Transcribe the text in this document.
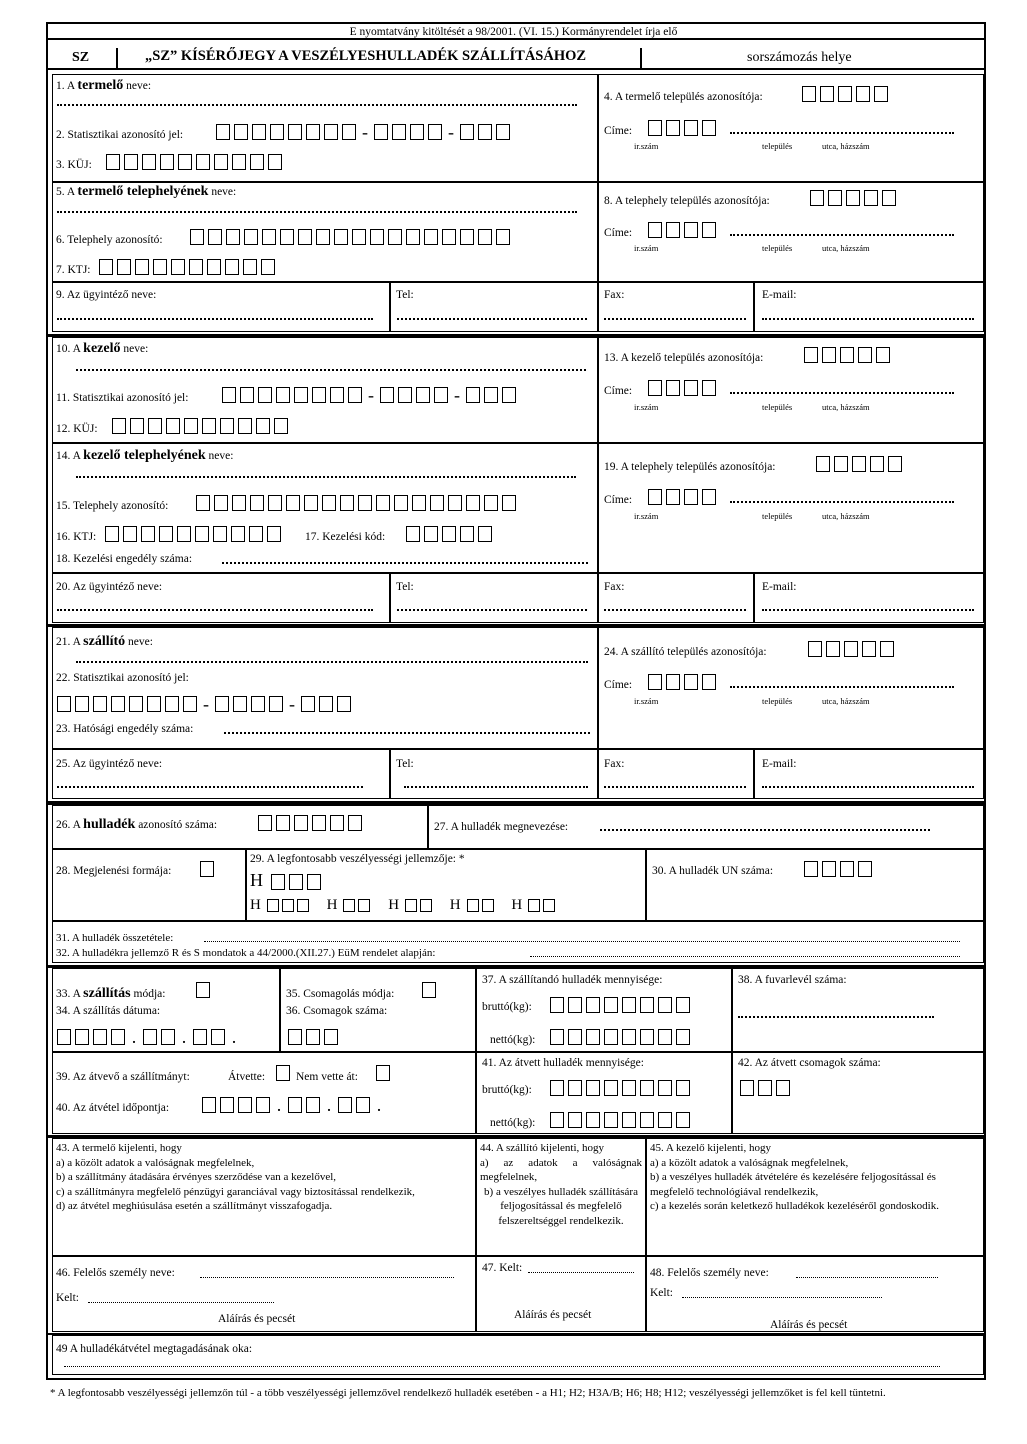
E nyomtatvány kitöltését a 98/2001. (VI. 15.) Kormányrendelet írja elő
SZ	„SZ” KÍSÉRŐJEGY A VESZÉLYESHULLADÉK SZÁLLÍTÁSÁHOZ	sorszámozás helye
1. A termelő neve:
2. Statisztikai azonosító jel:	-	-
3. KÜJ:
4. A termelő település azonosítója:
Címe:
ir.szám	település	utca, házszám
5. A termelő telephelyének neve:
6. Telephely azonosító:
7. KTJ:
8. A telephely település azonosítója:
Címe:
ir.szám	település	utca, házszám
9. Az ügyintéző neve:	Tel:	Fax:	E-mail:
10. A kezelő neve:
11. Statisztikai azonosító jel:	-	-
12. KÜJ:
13. A kezelő település azonosítója:
Címe:
ir.szám	település	utca, házszám
14. A kezelő telephelyének neve:
15. Telephely azonosító:
16. KTJ:	17. Kezelési kód:
18. Kezelési engedély száma:
19. A telephely település azonosítója:
Címe:
ir.szám	település	utca, házszám
20. Az ügyintéző neve:	Tel:	Fax:	E-mail:
21. A szállító neve:
22. Statisztikai azonosító jel:
-	-
23. Hatósági engedély száma:
24. A szállító település azonosítója:
Címe:
ir.szám	település	utca, házszám
25. Az ügyintéző neve:	Tel:	Fax:	E-mail:
26. A hulladék azonosító száma:	27. A hulladék megnevezése:
28. Megjelenési formája:
29. A legfontosabb veszélyességi jellemzője: *
H
H	H	H	H	H
30. A hulladék UN száma:
31. A hulladék összetétele:
32. A hulladékra jellemző R és S mondatok a 44/2000.(XII.27.) EüM rendelet alapján:
33. A szállítás módja:
34. A szállítás dátuma:
.	.	.
35. Csomagolás módja:
36. Csomagok száma:
37. A szállítandó hulladék mennyisége:
bruttó(kg):
nettó(kg):
38. A fuvarlevél száma:
39. Az átvevő a szállítmányt:	Átvette:	Nem vette át:
40. Az átvétel időpontja:	.	.	.
41. Az átvett hulladék mennyisége:
bruttó(kg):
nettó(kg):
42. Az átvett csomagok száma:
43. A termelő kijelenti, hogy
a) a közölt adatok a valóságnak megfelelnek,
b) a szállítmány átadására érvényes szerződése van a kezelővel,
c) a szállítmányra megfelelő pénzügyi garanciával vagy biztosítással rendelkezik,
d) az átvétel meghiúsulása esetén a szállítmányt visszafogadja.
44. A szállító kijelenti, hogy
a) az adatok a valóságnak megfelelnek,
b) a veszélyes hulladék szállítására feljogosítással és megfelelő felszereltséggel rendelkezik.
45. A kezelő kijelenti, hogy
a) a közölt adatok a valóságnak megfelelnek,
b) a veszélyes hulladék átvételére és kezelésére feljogosítással és megfelelő technológiával rendelkezik,
c) a kezelés során keletkező hulladékok kezeléséről gondoskodik.
46. Felelős személy neve:
Kelt:
Aláírás és pecsét
47. Kelt:
Aláírás és pecsét
48. Felelős személy neve:
Kelt:
Aláírás és pecsét
49 A hulladékátvétel megtagadásának oka:
* A legfontosabb veszélyességi jellemzőn túl - a több veszélyességi jellemzővel rendelkező hulladék esetében - a H1; H2; H3A/B; H6; H8; H12; veszélyességi jellemzőket is fel kell tüntetni.
